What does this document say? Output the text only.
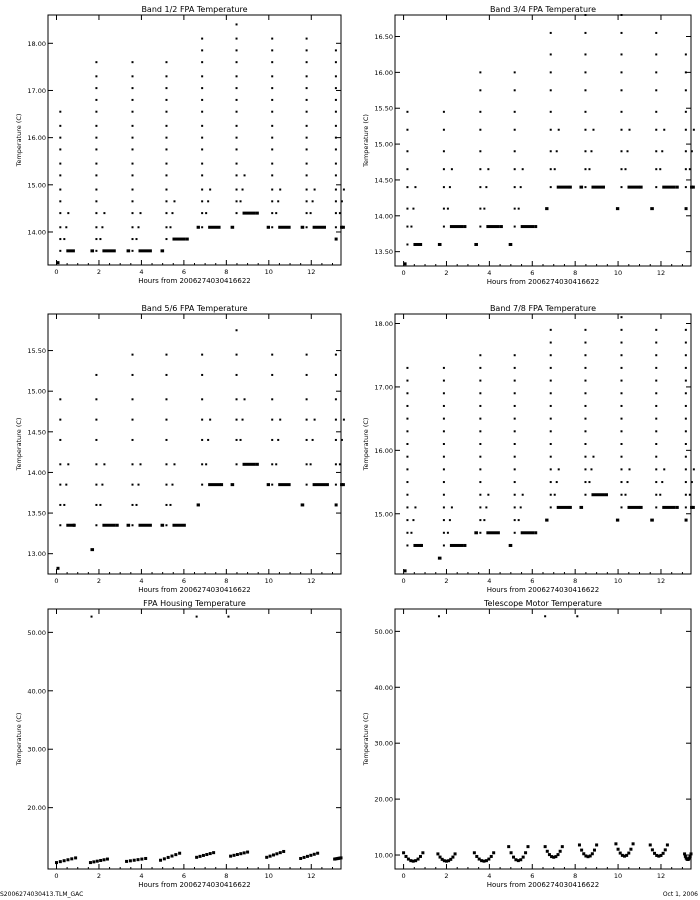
Band 1/2 FPA Temperature
0	2	4	6	8	10	12
Hours from 2006274030416622
14.00
15.00
16.00
17.00
18.00
Temperature (C)
Band 3/4 FPA Temperature
0	2	4	6	8	10	12
Hours from 2006274030416622
13.50
14.00
14.50
15.00
15.50
16.00
16.50
Temperature (C)
Band 5/6 FPA Temperature
0	2	4	6	8	10	12
Hours from 2006274030416622
13.00
13.50
14.00
14.50
15.00
15.50
Temperature (C)
Band 7/8 FPA Temperature
0	2	4	6	8	10	12
Hours from 2006274030416622
15.00
16.00
17.00
18.00
Temperature (C)
FPA Housing Temperature
0	2	4	6	8	10	12
Hours from 2006274030416622
20.00
30.00
40.00
50.00
Temperature (C)
Telescope Motor Temperature
0	2	4	6	8	10	12
Hours from 2006274030416622
10.00
20.00
30.00
40.00
50.00
Temperature (C)
S2006274030413.TLM_GAC	Oct 1, 2006
